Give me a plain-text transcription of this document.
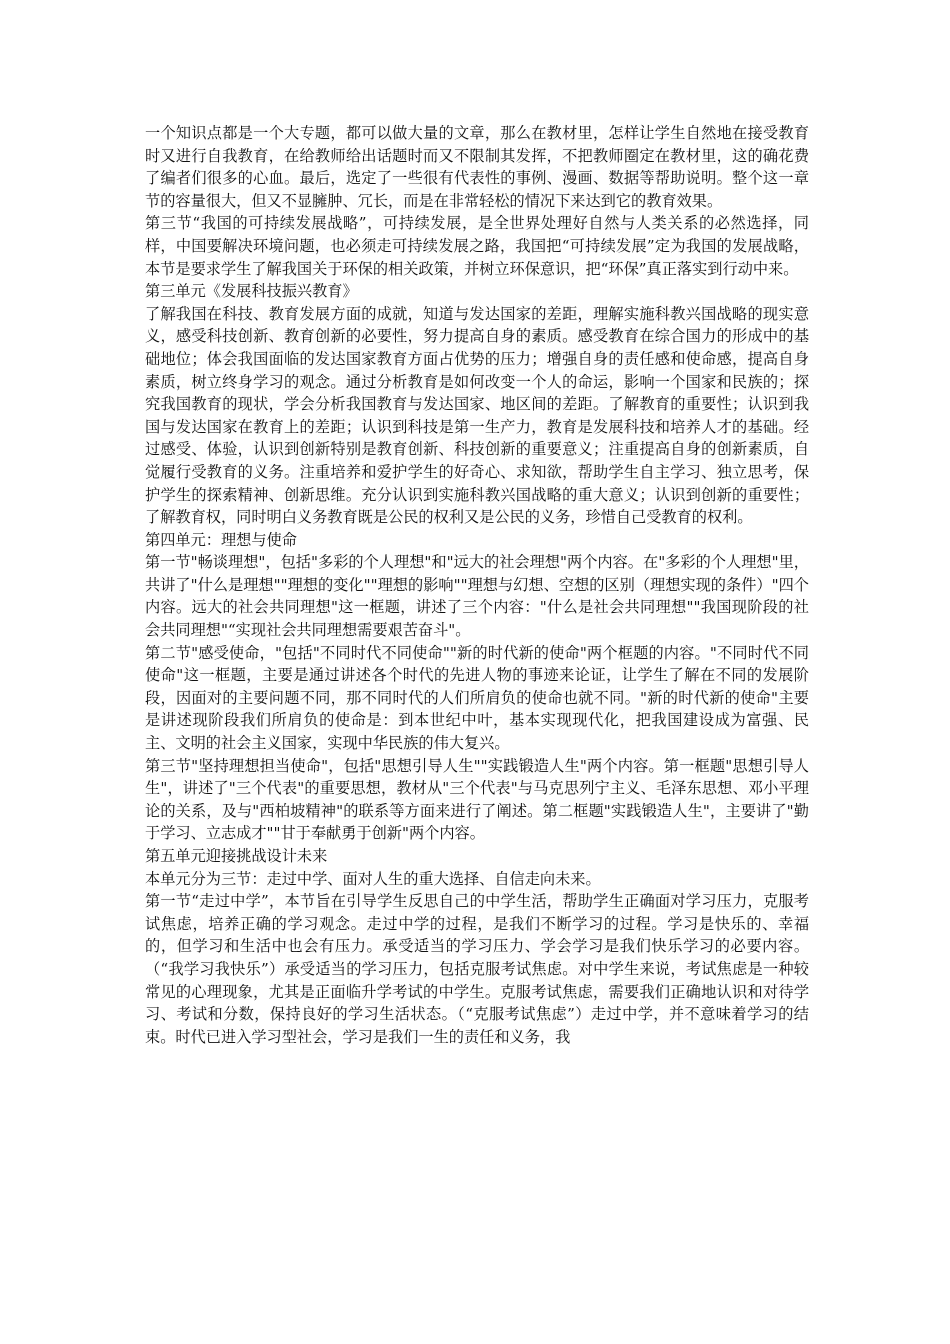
一个知识点都是一个大专题，都可以做大量的文章，那么在教材里，怎样让学生自然地在接受教育时又进行自我教育，在给教师给出话题时而又不限制其发挥，不把教师圈定在教材里，这的确花费了编者们很多的心血。最后，选定了一些很有代表性的事例、漫画、数据等帮助说明。整个这一章节的容量很大，但又不显臃肿、冗长，而是在非常轻松的情况下来达到它的教育效果。

第三节“我国的可持续发展战略”，可持续发展，是全世界处理好自然与人类关系的必然选择，同样，中国要解决环境问题，也必须走可持续发展之路，我国把“可持续发展”定为我国的发展战略，本节是要求学生了解我国关于环保的相关政策，并树立环保意识，把“环保”真正落实到行动中来。

第三单元《发展科技振兴教育》

了解我国在科技、教育发展方面的成就，知道与发达国家的差距，理解实施科教兴国战略的现实意义，感受科技创新、教育创新的必要性，努力提高自身的素质。感受教育在综合国力的形成中的基础地位；体会我国面临的发达国家教育方面占优势的压力；增强自身的责任感和使命感，提高自身素质，树立终身学习的观念。通过分析教育是如何改变一个人的命运，影响一个国家和民族的；探究我国教育的现状，学会分析我国教育与发达国家、地区间的差距。了解教育的重要性；认识到我国与发达国家在教育上的差距；认识到科技是第一生产力，教育是发展科技和培养人才的基础。经过感受、体验，认识到创新特别是教育创新、科技创新的重要意义；注重提高自身的创新素质，自觉履行受教育的义务。注重培养和爱护学生的好奇心、求知欲，帮助学生自主学习、独立思考，保护学生的探索精神、创新思维。充分认识到实施科教兴国战略的重大意义；认识到创新的重要性；了解教育权，同时明白义务教育既是公民的权利又是公民的义务，珍惜自己受教育的权利。

第四单元：理想与使命

第一节"畅谈理想"，包括"多彩的个人理想"和"远大的社会理想"两个内容。在"多彩的个人理想"里，共讲了"什么是理想""理想的变化""理想的影响""理想与幻想、空想的区别（理想实现的条件）"四个内容。远大的社会共同理想"这一框题，讲述了三个内容："什么是社会共同理想""我国现阶段的社会共同理想"“实现社会共同理想需要艰苦奋斗"。

第二节"感受使命，"包括"不同时代不同使命""新的时代新的使命"两个框题的内容。"不同时代不同使命"这一框题，主要是通过讲述各个时代的先进人物的事迹来论证，让学生了解在不同的发展阶段，因面对的主要问题不同，那不同时代的人们所肩负的使命也就不同。"新的时代新的使命"主要是讲述现阶段我们所肩负的使命是：到本世纪中叶，基本实现现代化，把我国建设成为富强、民主、文明的社会主义国家，实现中华民族的伟大复兴。

第三节"坚持理想担当使命"，包括"思想引导人生""实践锻造人生"两个内容。第一框题"思想引导人生"，讲述了"三个代表"的重要思想，教材从"三个代表"与马克思列宁主义、毛泽东思想、邓小平理论的关系，及与"西柏坡精神"的联系等方面来进行了阐述。第二框题"实践锻造人生"，主要讲了"勤于学习、立志成才""甘于奉献勇于创新"两个内容。

第五单元迎接挑战设计未来

本单元分为三节：走过中学、面对人生的重大选择、自信走向未来。

第一节“走过中学”，本节旨在引导学生反思自己的中学生活，帮助学生正确面对学习压力，克服考试焦虑，培养正确的学习观念。走过中学的过程，是我们不断学习的过程。学习是快乐的、幸福的，但学习和生活中也会有压力。承受适当的学习压力、学会学习是我们快乐学习的必要内容。（“我学习我快乐”）承受适当的学习压力，包括克服考试焦虑。对中学生来说，考试焦虑是一种较常见的心理现象，尤其是正面临升学考试的中学生。克服考试焦虑，需要我们正确地认识和对待学习、考试和分数，保持良好的学习生活状态。（“克服考试焦虑”）走过中学，并不意味着学习的结束。时代已进入学习型社会，学习是我们一生的责任和义务，我
